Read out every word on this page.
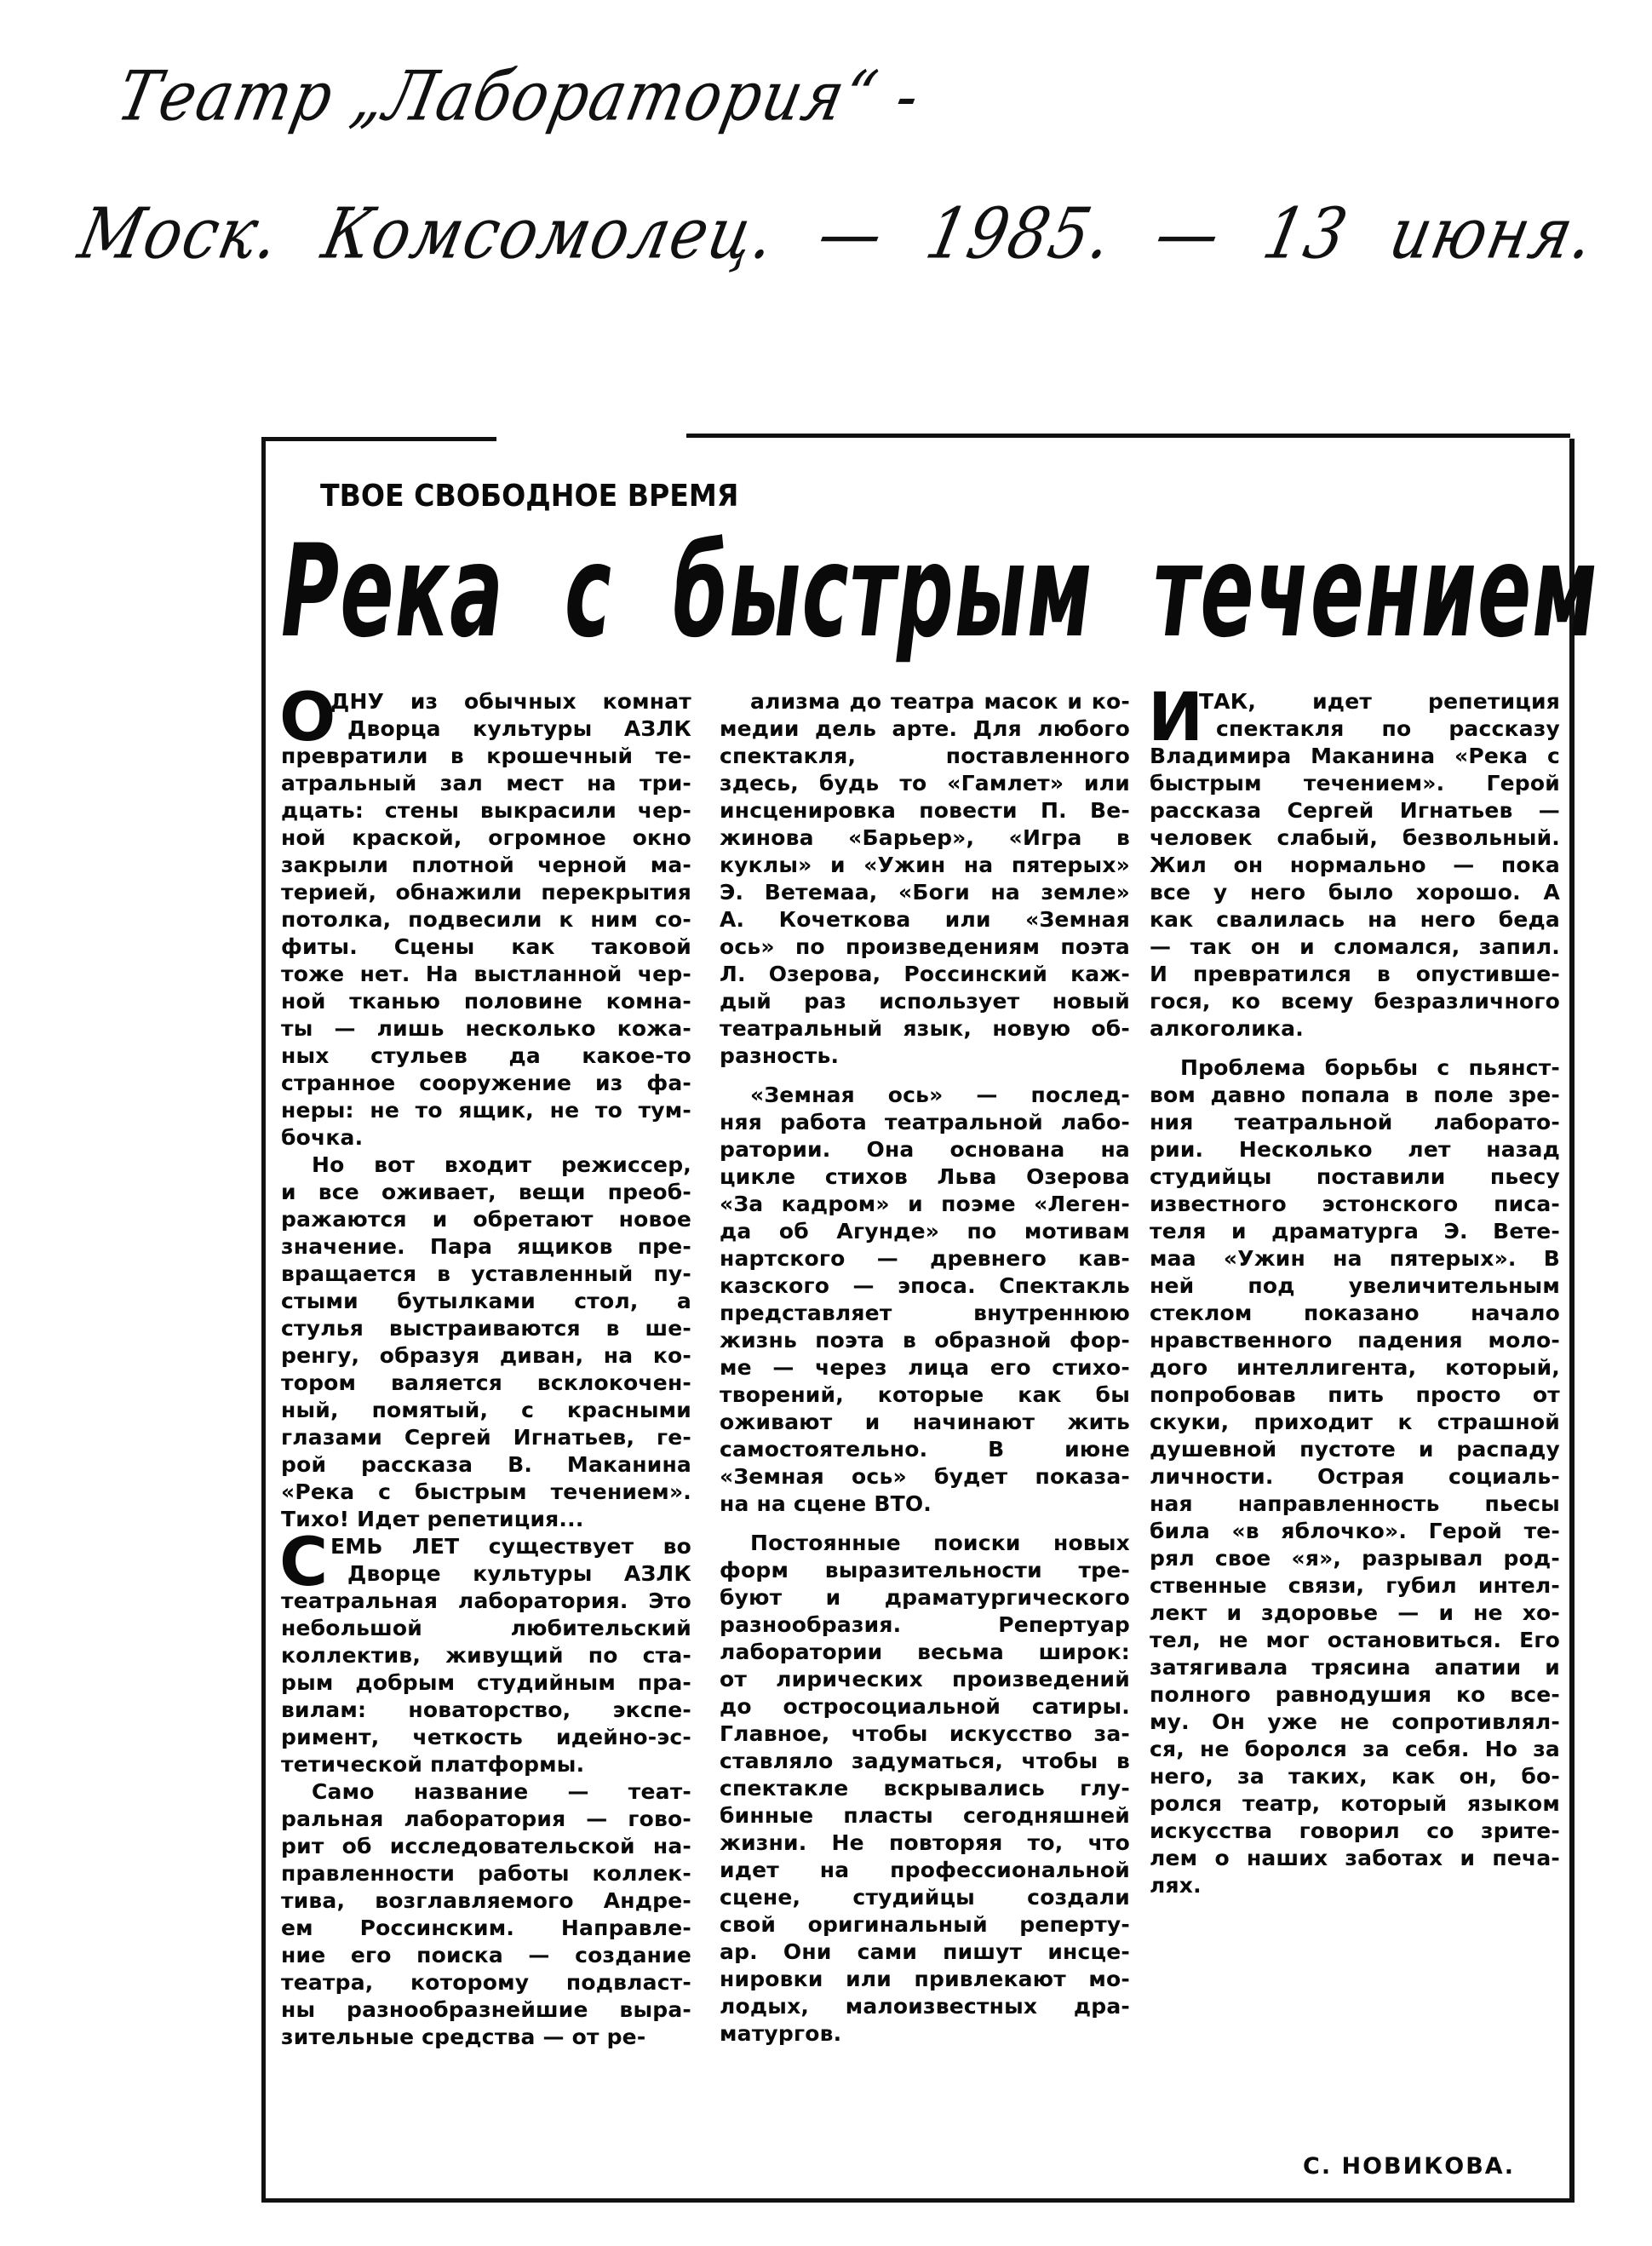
Театр „Лаборатория“ -
Моск. Комсомолец. — 1985. — 13 июня.
ТВОЕ СВОБОДНОЕ ВРЕМЯ
Река с быстрым течением
О
ДНУ из обычных комнат
Дворца культуры АЗЛК
превратили в крошечный те-
атральный зал мест на три-
дцать: стены выкрасили чер-
ной краской, огромное окно
закрыли плотной черной ма-
терией, обнажили перекрытия
потолка, подвесили к ним со-
фиты. Сцены как таковой
тоже нет. На выстланной чер-
ной тканью половине комна-
ты — лишь несколько кожа-
ных стульев да какое-то
странное сооружение из фа-
неры: не то ящик, не то тум-
бочка.
Но вот входит режиссер,
и все оживает, вещи преоб-
ражаются и обретают новое
значение. Пара ящиков пре-
вращается в уставленный пу-
стыми бутылками стол, а
стулья выстраиваются в ше-
ренгу, образуя диван, на ко-
тором валяется всклокочен-
ный, помятый, с красными
глазами Сергей Игнатьев, ге-
рой рассказа В. Маканина
«Река с быстрым течением».
Тихо! Идет репетиция...
С ЕМЬ ЛЕТ существует во
Дворце культуры АЗЛК
театральная лаборатория. Это
небольшой любительский
коллектив, живущий по ста-
рым добрым студийным пра-
вилам: новаторство, экспе-
римент, четкость идейно-эс-
тетической платформы.
Само название — теат-
ральная лаборатория — гово-
рит об исследовательской на-
правленности работы коллек-
тива, возглавляемого Андре-
ем Россинским. Направле-
ние его поиска — создание
театра, которому подвласт-
ны разнообразнейшие выра-
зительные средства — от ре-
ализма до театра масок и ко-
медии дель арте. Для любого
спектакля, поставленного
здесь, будь то «Гамлет» или
инсценировка повести П. Ве-
жинова «Барьер», «Игра в
куклы» и «Ужин на пятерых»
Э. Ветемаа, «Боги на земле»
А. Кочеткова или «Земная
ось» по произведениям поэта
Л. Озерова, Россинский каж-
дый раз использует новый
театральный язык, новую об-
разность.
«Земная ось» — послед-
няя работа театральной лабо-
ратории. Она основана на
цикле стихов Льва Озерова
«За кадром» и поэме «Леген-
да об Агунде» по мотивам
нартского — древнего кав-
казского — эпоса. Спектакль
представляет внутреннюю
жизнь поэта в образной фор-
ме — через лица его стихо-
творений, которые как бы
оживают и начинают жить
самостоятельно. В июне
«Земная ось» будет показа-
на на сцене ВТО.
Постоянные поиски новых
форм выразительности тре-
буют и драматургического
разнообразия. Репертуар
лаборатории весьма широк:
от лирических произведений
до остросоциальной сатиры.
Главное, чтобы искусство за-
ставляло задуматься, чтобы в
спектакле вскрывались глу-
бинные пласты сегодняшней
жизни. Не повторяя то, что
идет на профессиональной
сцене, студийцы создали
свой оригинальный реперту-
ар. Они сами пишут инсце-
нировки или привлекают мо-
лодых, малоизвестных дра-
матургов.
И
ТАК, идет репетиция
спектакля по рассказу
Владимира Маканина «Река с
быстрым течением». Герой
рассказа Сергей Игнатьев —
человек слабый, безвольный.
Жил он нормально — пока
все у него было хорошо. А
как свалилась на него беда
— так он и сломался, запил.
И превратился в опустивше-
гося, ко всему безразличного
алкоголика.
Проблема борьбы с пьянст-
вом давно попала в поле зре-
ния театральной лаборато-
рии. Несколько лет назад
студийцы поставили пьесу
известного эстонского писа-
теля и драматурга Э. Вете-
маа «Ужин на пятерых». В
ней под увеличительным
стеклом показано начало
нравственного падения моло-
дого интеллигента, который,
попробовав пить просто от
скуки, приходит к страшной
душевной пустоте и распаду
личности. Острая социаль-
ная направленность пьесы
била «в яблочко». Герой те-
рял свое «я», разрывал род-
ственные связи, губил интел-
лект и здоровье — и не хо-
тел, не мог остановиться. Его
затягивала трясина апатии и
полного равнодушия ко все-
му. Он уже не сопротивлял-
ся, не боролся за себя. Но за
него, за таких, как он, бо-
ролся театр, который языком
искусства говорил со зрите-
лем о наших заботах и печа-
лях.
С. НОВИКОВА.
